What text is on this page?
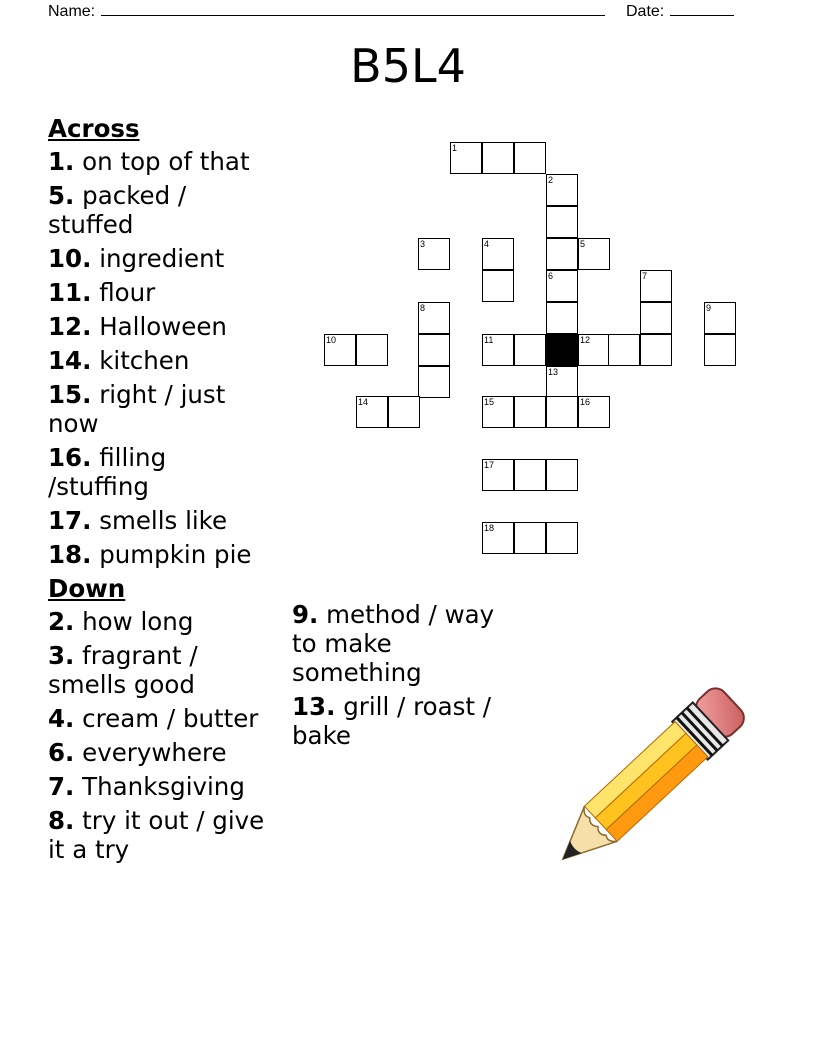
Name:	Date:
B5L4
Across
1. on top of that
5. packed / stuffed
10. ingredient
11. flour
12. Halloween
14. kitchen
15. right / just now
16. filling /stuffing
17. smells like
18. pumpkin pie
Down
2. how long
3. fragrant / smells good
4. cream / butter
6. everywhere
7. Thanksgiving
8. try it out / give it a try
9. method / way to make something
13. grill / roast / bake
1
2
3	4	5
6	7
8	9
10	11	12
13
14	15	16
17
18
